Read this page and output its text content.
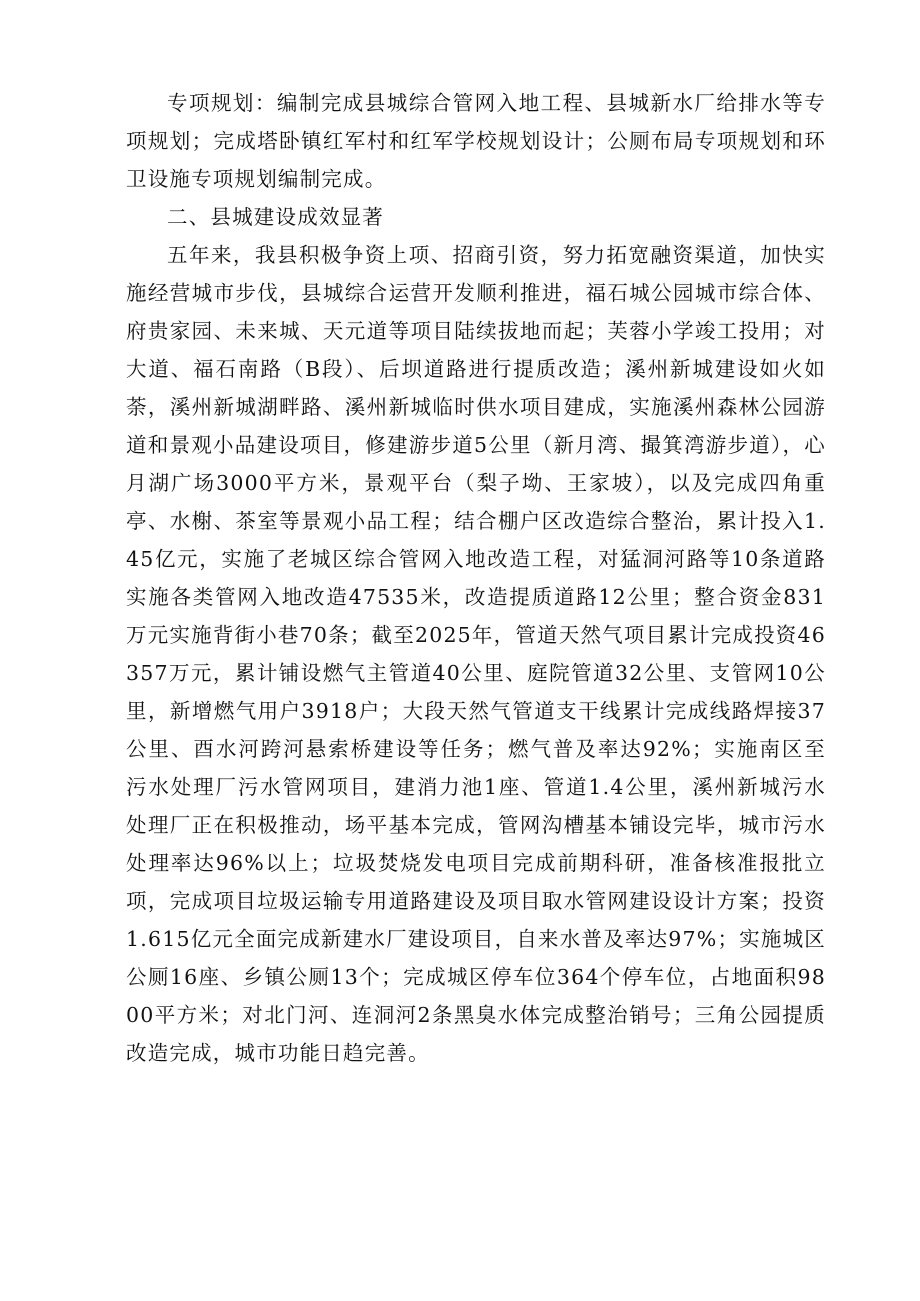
专项规划：编制完成县城综合管网入地工程、县城新水厂给排水等专项规划；完成塔卧镇红军村和红军学校规划设计；公厕布局专项规划和环卫设施专项规划编制完成。

二、县城建设成效显著

五年来，我县积极争资上项、招商引资，努力拓宽融资渠道，加快实施经营城市步伐，县城综合运营开发顺利推进，福石城公园城市综合体、府贵家园、未来城、天元道等项目陆续拔地而起；芙蓉小学竣工投用；对大道、福石南路（B段）、后坝道路进行提质改造；溪州新城建设如火如荼，溪州新城湖畔路、溪州新城临时供水项目建成，实施溪州森林公园游道和景观小品建设项目，修建游步道5公里（新月湾、撮箕湾游步道），心月湖广场3000平方米，景观平台（梨子坳、王家坡），以及完成四角重亭、水榭、茶室等景观小品工程；结合棚户区改造综合整治，累计投入1.45亿元，实施了老城区综合管网入地改造工程，对猛洞河路等10条道路实施各类管网入地改造47535米，改造提质道路12公里；整合资金831万元实施背街小巷70条；截至2025年，管道天然气项目累计完成投资46357万元，累计铺设燃气主管道40公里、庭院管道32公里、支管网10公里，新增燃气用户3918户；大段天然气管道支干线累计完成线路焊接37公里、酉水河跨河悬索桥建设等任务；燃气普及率达92%；实施南区至污水处理厂污水管网项目，建消力池1座、管道1.4公里，溪州新城污水处理厂正在积极推动，场平基本完成，管网沟槽基本铺设完毕，城市污水处理率达96%以上；垃圾焚烧发电项目完成前期科研，准备核准报批立项，完成项目垃圾运输专用道路建设及项目取水管网建设设计方案；投资1.615亿元全面完成新建水厂建设项目，自来水普及率达97%；实施城区公厕16座、乡镇公厕13个；完成城区停车位364个停车位，占地面积9800平方米；对北门河、连洞河2条黑臭水体完成整治销号；三角公园提质改造完成，城市功能日趋完善。
